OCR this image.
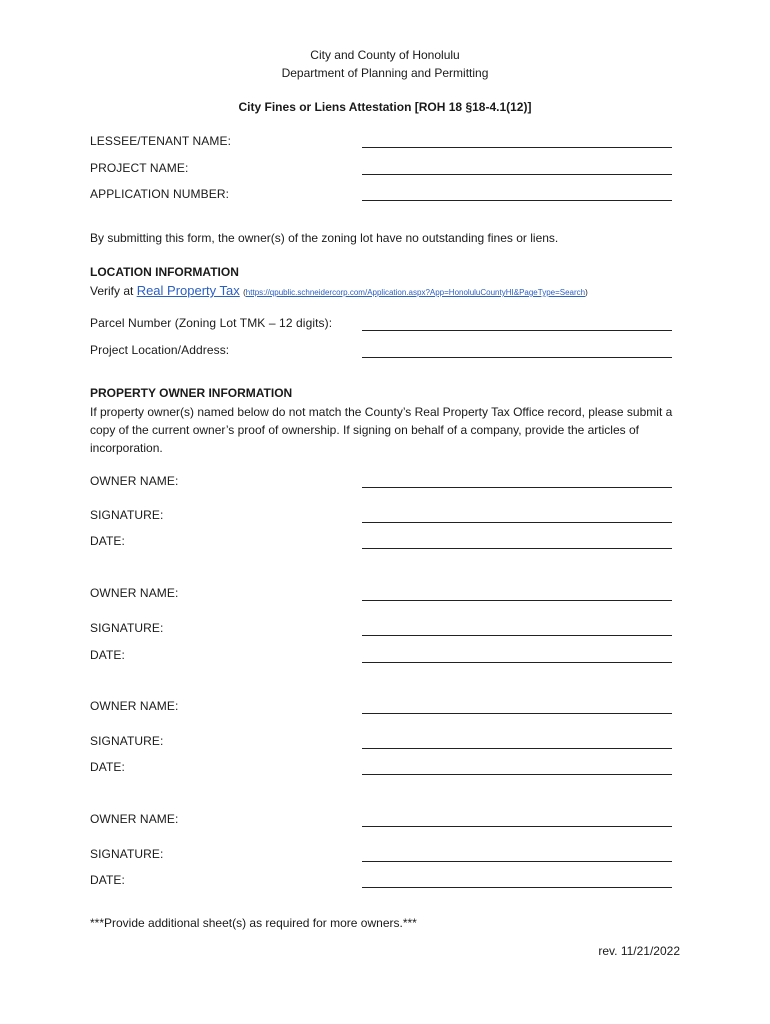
City and County of Honolulu
Department of Planning and Permitting
City Fines or Liens Attestation [ROH 18 §18-4.1(12)]
LESSEE/TENANT NAME:
PROJECT NAME:
APPLICATION NUMBER:
By submitting this form, the owner(s) of the zoning lot have no outstanding fines or liens.
LOCATION INFORMATION
Verify at Real Property Tax (https://qpublic.schneidercorp.com/Application.aspx?App=HonoluluCountyHI&PageType=Search)
Parcel Number (Zoning Lot TMK – 12 digits):
Project Location/Address:
PROPERTY OWNER INFORMATION
If property owner(s) named below do not match the County’s Real Property Tax Office record, please submit a copy of the current owner’s proof of ownership. If signing on behalf of a company, provide the articles of incorporation.
OWNER NAME:
SIGNATURE:
DATE:
OWNER NAME:
SIGNATURE:
DATE:
OWNER NAME:
SIGNATURE:
DATE:
OWNER NAME:
SIGNATURE:
DATE:
***Provide additional sheet(s) as required for more owners.***
rev. 11/21/2022
